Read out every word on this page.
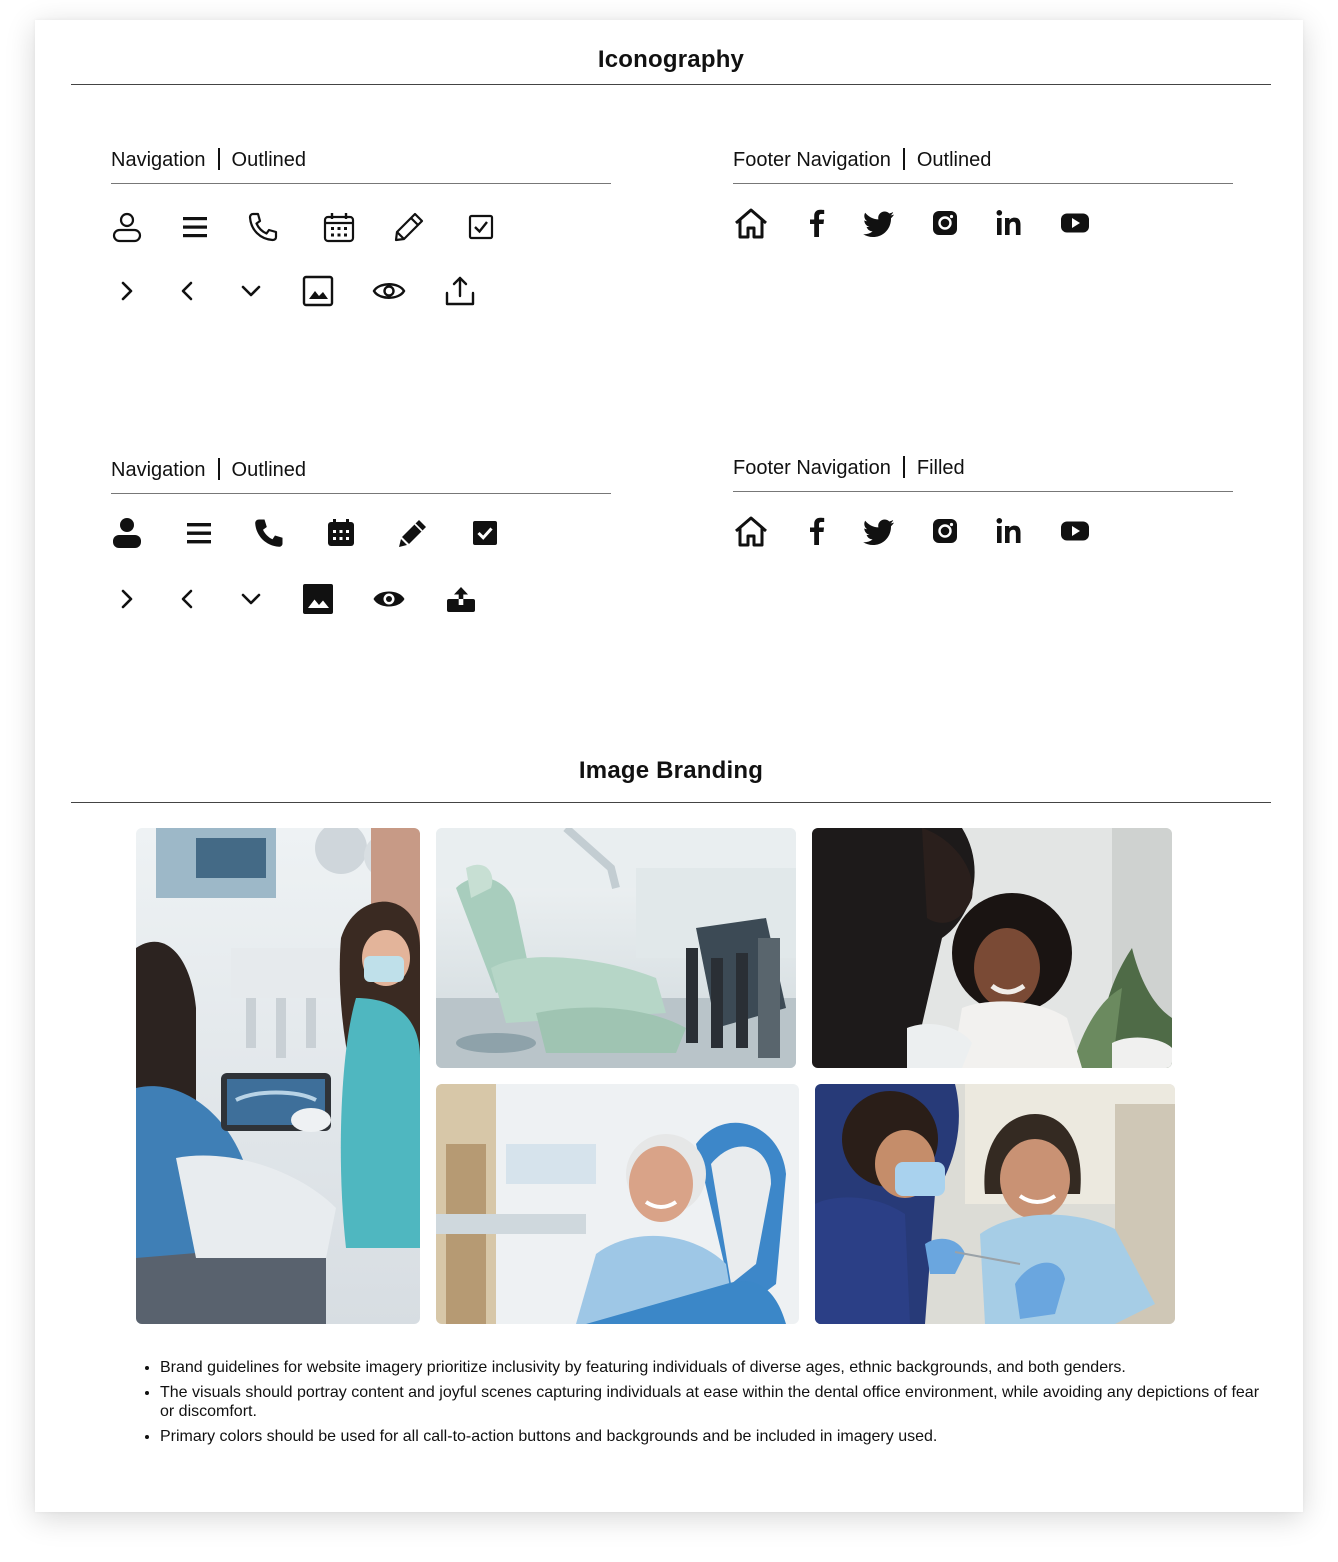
Iconography
Navigation Outlined	Footer Navigation Outlined
Navigation Outlined	Footer Navigation Filled
Image Branding
• Brand guidelines for website imagery prioritize inclusivity by featuring individuals of diverse ages, ethnic backgrounds, and both genders.
• The visuals should portray content and joyful scenes capturing individuals at ease within the dental office environment, while avoiding any depictions of fear or discomfort.
• Primary colors should be used for all call-to-action buttons and backgrounds and be included in imagery used.
